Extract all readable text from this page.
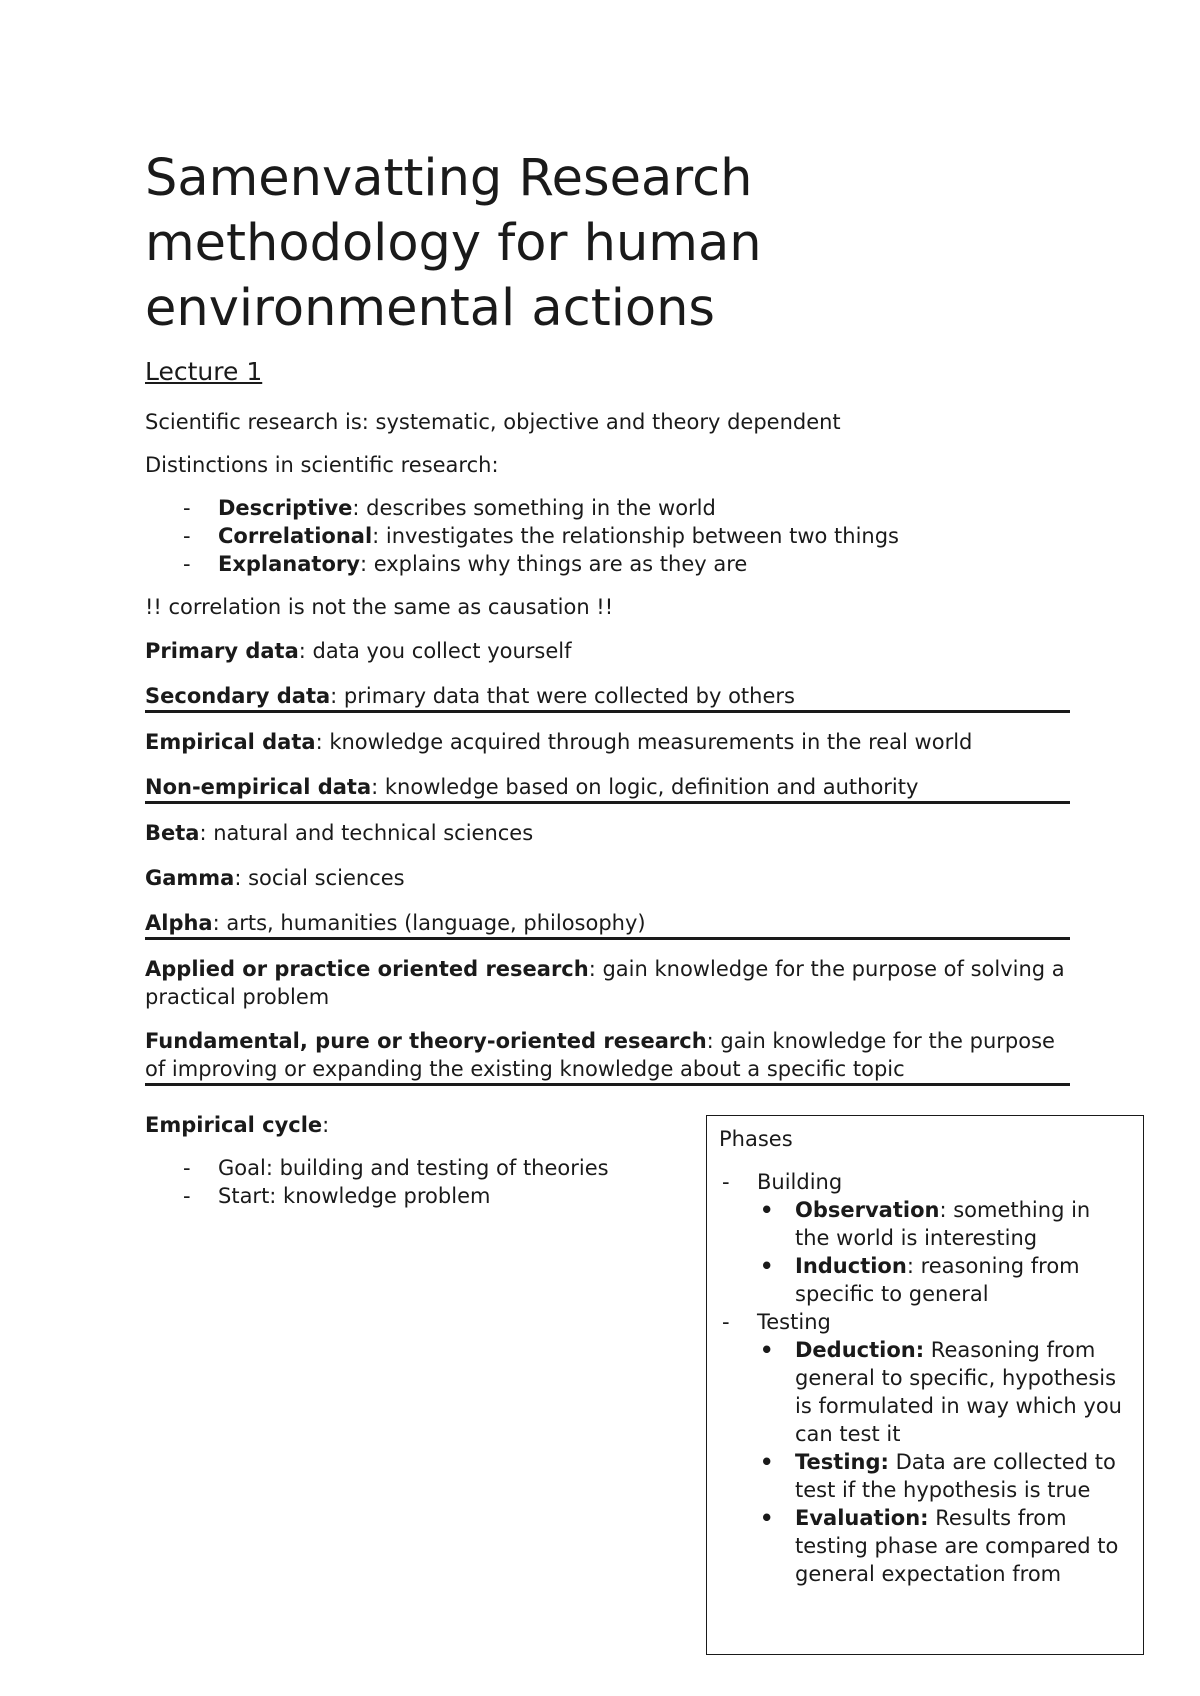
Samenvatting Research methodology for human environmental actions
Lecture 1

Scientific research is: systematic, objective and theory dependent

Distinctions in scientific research:

- Descriptive: describes something in the world
- Correlational: investigates the relationship between two things
- Explanatory: explains why things are as they are

!! correlation is not the same as causation !!

Primary data: data you collect yourself

Secondary data: primary data that were collected by others

Empirical data: knowledge acquired through measurements in the real world

Non-empirical data: knowledge based on logic, definition and authority

Beta: natural and technical sciences

Gamma: social sciences

Alpha: arts, humanities (language, philosophy)

Applied or practice oriented research: gain knowledge for the purpose of solving a practical problem

Fundamental, pure or theory-oriented research: gain knowledge for the purpose of improving or expanding the existing knowledge about a specific topic

Empirical cycle:

- Goal: building and testing of theories
- Start: knowledge problem

Phases

- Building
• Observation: something in the world is interesting
• Induction: reasoning from specific to general
- Testing
• Deduction: Reasoning from general to specific, hypothesis is formulated in way which you can test it
• Testing: Data are collected to test if the hypothesis is true
• Evaluation: Results from testing phase are compared to general expectation from
